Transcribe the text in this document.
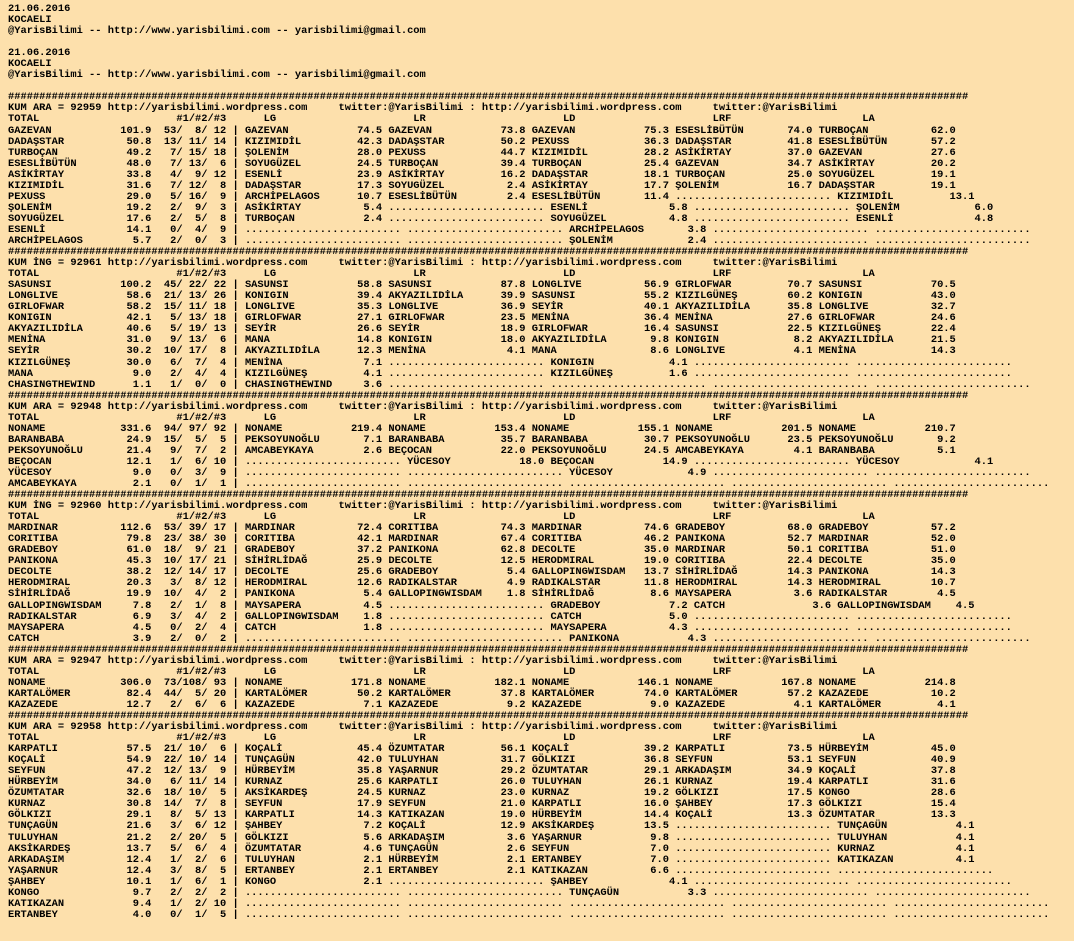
21.06.2016
KOCAELI
@YarisBilimi -- http://www.yarisbilimi.com -- yarisbilimi@gmail.com

21.06.2016
KOCAELI
@YarisBilimi -- http://www.yarisbilimi.com -- yarisbilimi@gmail.com

##########################################################################################################################################################
KUM ARA = 92959 http://yarisbilimi.wordpress.com     twitter:@YarisBilimi : http://yarisbilimi.wordpress.com     twitter:@YarisBilimi
TOTAL                      #1/#2/#3      LG                      LR                      LD                      LRF                     LA
GAZEVAN           101.9  53/  8/ 12 | GAZEVAN           74.5 GAZEVAN           73.8 GAZEVAN           75.3 ESESLİBÜTÜN       74.0 TURBOÇAN          62.0
DADAŞSTAR          50.8  13/ 11/ 14 | KIZIMIDİL         42.3 DADAŞSTAR         50.2 PEXUSS            36.3 DADAŞSTAR         41.8 ESESLİBÜTÜN       57.2
TURBOÇAN           49.2   7/ 15/ 18 | ŞOLENİM           28.0 PEXUSS            44.7 KIZIMIDİL         28.2 ASİKİRTAY         37.0 GAZEVAN           27.6
ESESLİBÜTÜN        48.0   7/ 13/  6 | SOYUGÜZEL         24.5 TURBOÇAN          39.4 TURBOÇAN          25.4 GAZEVAN           34.7 ASİKİRTAY         20.2
ASİKİRTAY          33.8   4/  9/ 12 | ESENLİ            23.9 ASİKİRTAY         16.2 DADAŞSTAR         18.1 TURBOÇAN          25.0 SOYUGÜZEL         19.1
KIZIMIDİL          31.6   7/ 12/  8 | DADAŞSTAR         17.3 SOYUGÜZEL          2.4 ASİKİRTAY         17.7 ŞOLENİM           16.7 DADAŞSTAR         19.1
PEXUSS             29.0   5/ 16/  9 | ARCHİPELAGOS      10.7 ESESLİBÜTÜN        2.4 ESESLİBÜTÜN       11.4 ......................... KIZIMIDİL         13.1
ŞOLENİM            19.2   2/  9/  3 | ASİKİRTAY          5.4 ......................... ESENLİ             5.8 ......................... ŞOLENİM            6.0
SOYUGÜZEL          17.6   2/  5/  8 | TURBOÇAN           2.4 ......................... SOYUGÜZEL          4.8 ......................... ESENLİ             4.8
ESENLİ             14.1   0/  4/  9 | ......................... ......................... ARCHİPELAGOS       3.8 ......................... .........................
ARCHİPELAGOS        5.7   2/  0/  3 | ......................... ......................... ŞOLENİM            2.4 ......................... .........................
##########################################################################################################################################################
KUM İNG = 92961 http://yarisbilimi.wordpress.com     twitter:@YarisBilimi : http://yarisbilimi.wordpress.com     twitter:@YarisBilimi
TOTAL                      #1/#2/#3      LG                      LR                      LD                      LRF                     LA
SASUNSI           100.2  45/ 22/ 22 | SASUNSI           58.8 SASUNSI           87.8 LONGLIVE          56.9 GIRLOFWAR         70.7 SASUNSI           70.5
LONGLIVE           58.6  21/ 13/ 26 | KONIGIN           39.4 AKYAZILIDİLA      39.9 SASUNSI           55.2 KIZILGÜNEŞ        60.2 KONIGIN           43.0
GIRLOFWAR          58.2  15/ 11/ 18 | LONGLIVE          35.3 LONGLIVE          36.9 SEYİR             40.1 AKYAZILIDİLA      35.8 LONGLIVE          32.7
KONIGIN            42.1   5/ 13/ 18 | GIRLOFWAR         27.1 GIRLOFWAR         23.5 MENİNA            36.4 MENİNA            27.6 GIRLOFWAR         24.6
AKYAZILIDİLA       40.6   5/ 19/ 13 | SEYİR             26.6 SEYİR             18.9 GIRLOFWAR         16.4 SASUNSI           22.5 KIZILGÜNEŞ        22.4
MENİNA             31.0   9/ 13/  6 | MANA              14.8 KONIGIN           18.0 AKYAZILIDİLA       9.8 KONIGIN            8.2 AKYAZILIDİLA      21.5
SEYİR              30.2  10/ 17/  8 | AKYAZILIDİLA      12.3 MENİNA             4.1 MANA               8.6 LONGLIVE           4.1 MENİNA            14.3
KIZILGÜNEŞ         30.0   6/  7/  4 | MENİNA             7.1 ......................... KONIGIN            4.1 ......................... .........................
MANA                9.0   2/  4/  4 | KIZILGÜNEŞ         4.1 ......................... KIZILGÜNEŞ         1.6 ......................... .........................
CHASINGTHEWIND      1.1   1/  0/  0 | CHASINGTHEWIND     3.6 ......................... ......................... ......................... .........................
##########################################################################################################################################################
KUM ARA = 92948 http://yarisbilimi.wordpress.com     twitter:@YarisBilimi : http://yarisbilimi.wordpress.com     twitter:@YarisBilimi
TOTAL                      #1/#2/#3      LG                      LR                      LD                      LRF                     LA
NONAME            331.6  94/ 97/ 92 | NONAME           219.4 NONAME           153.4 NONAME           155.1 NONAME           201.5 NONAME           210.7
BARANBABA          24.9  15/  5/  5 | PEKSOYUNOĞLU       7.1 BARANBABA         35.7 BARANBABA         30.7 PEKSOYUNOĞLU      23.5 PEKSOYUNOĞLU       9.2
PEKSOYUNOĞLU       21.4   9/  7/  2 | AMCABEYKAYA        2.6 BEÇOCAN           22.0 PEKSOYUNOĞLU      24.5 AMCABEYKAYA        4.1 BARANBABA          5.1
BEÇOCAN            12.1   1/  6/ 10 | ......................... YÜCESOY           18.0 BEÇOCAN           14.9 ......................... YÜCESOY            4.1
YÜCESOY             9.0   0/  3/  9 | ......................... ......................... YÜCESOY            4.9 ......................... .........................
AMCABEYKAYA         2.1   0/  1/  1 | ......................... ......................... ......................... ......................... .........................
##########################################################################################################################################################
KUM İNG = 92960 http://yarisbilimi.wordpress.com     twitter:@YarisBilimi : http://yarisbilimi.wordpress.com     twitter:@YarisBilimi
TOTAL                      #1/#2/#3      LG                      LR                      LD                      LRF                     LA
MARDINAR          112.6  53/ 39/ 17 | MARDINAR          72.4 CORITIBA          74.3 MARDINAR          74.6 GRADEBOY          68.0 GRADEBOY          57.2
CORITIBA           79.8  23/ 38/ 30 | CORITIBA          42.1 MARDINAR          67.4 CORITIBA          46.2 PANIKONA          52.7 MARDINAR          52.0
GRADEBOY           61.0  18/  9/ 21 | GRADEBOY          37.2 PANIKONA          62.8 DECOLTE           35.0 MARDINAR          50.1 CORITIBA          51.0
PANIKONA           45.3  10/ 17/ 21 | SİHİRLİDAĞ        25.9 DECOLTE           12.5 HERODMIRAL        19.0 CORITIBA          22.4 DECOLTE           35.0
DECOLTE            38.2  12/ 14/ 17 | DECOLTE           25.6 GRADEBOY           5.4 GALLOPINGWISDAM   13.7 SİHİRLİDAĞ        14.3 PANIKONA          14.3
HERODMIRAL         20.3   3/  8/ 12 | HERODMIRAL        12.6 RADIKALSTAR        4.9 RADIKALSTAR       11.8 HERODMIRAL        14.3 HERODMIRAL        10.7
SİHİRLİDAĞ         19.9  10/  4/  2 | PANIKONA           5.4 GALLOPINGWISDAM    1.8 SİHİRLİDAĞ         8.6 MAYSAPERA          3.6 RADIKALSTAR        4.5
GALLOPINGWISDAM     7.8   2/  1/  8 | MAYSAPERA          4.5 ......................... GRADEBOY           7.2 CATCH              3.6 GALLOPINGWISDAM    4.5
RADIKALSTAR         6.9   3/  4/  2 | GALLOPINGWISDAM    1.8 ......................... CATCH              5.0 ......................... .........................
MAYSAPERA           4.5   0/  2/  4 | CATCH              1.8 ......................... MAYSAPERA          4.3 ......................... .........................
CATCH               3.9   2/  0/  2 | ......................... ......................... PANIKONA           4.3 ......................... .........................
##########################################################################################################################################################
KUM ARA = 92947 http://yarisbilimi.wordpress.com     twitter:@YarisBilimi : http://yarisbilimi.wordpress.com     twitter:@YarisBilimi
TOTAL                      #1/#2/#3      LG                      LR                      LD                      LRF                     LA
NONAME            306.0  73/108/ 93 | NONAME           171.8 NONAME           182.1 NONAME           146.1 NONAME           167.8 NONAME           214.8
KARTALÖMER         82.4  44/  5/ 20 | KARTALÖMER        50.2 KARTALÖMER        37.8 KARTALÖMER        74.0 KARTALÖMER        57.2 KAZAZEDE          10.2
KAZAZEDE           12.7   2/  6/  6 | KAZAZEDE           7.1 KAZAZEDE           9.2 KAZAZEDE           9.0 KAZAZEDE           4.1 KARTALÖMER         4.1
##########################################################################################################################################################
KUM ARA = 92958 http://yarisbilimi.wordpress.com     twitter:@YarisBilimi : http://yarisbilimi.wordpress.com     twitter:@YarisBilimi
TOTAL                      #1/#2/#3      LG                      LR                      LD                      LRF                     LA
KARPATLI           57.5  21/ 10/  6 | KOÇALİ            45.4 ÖZUMTATAR         56.1 KOÇALİ            39.2 KARPATLI          73.5 HÜRBEYİM          45.0
KOÇALİ             54.9  22/ 10/ 14 | TUNÇAGÜN          42.0 TULUYHAN          31.7 GÖLKIZI           36.8 SEYFUN            53.1 SEYFUN            40.9
SEYFUN             47.2  12/ 13/  9 | HÜRBEYİM          35.8 YAŞARNUR          29.2 ÖZUMTATAR         29.1 ARKADAŞIM         34.9 KOÇALİ            37.8
HÜRBEYİM           34.0   6/ 11/ 14 | KURNAZ            25.6 KARPATLI          26.0 TULUYHAN          26.1 KURNAZ            19.4 KARPATLI          31.6
ÖZUMTATAR          32.6  18/ 10/  5 | AKSİKARDEŞ        24.5 KURNAZ            23.0 KURNAZ            19.2 GÖLKIZI           17.5 KONGO             28.6
KURNAZ             30.8  14/  7/  8 | SEYFUN            17.9 SEYFUN            21.0 KARPATLI          16.0 ŞAHBEY            17.3 GÖLKIZI           15.4
GÖLKIZI            29.1   8/  5/ 13 | KARPATLI          14.3 KATIKAZAN         19.0 HÜRBEYİM          14.4 KOÇALİ            13.3 ÖZUMTATAR         13.3
TUNÇAGÜN           21.6   3/  6/ 12 | ŞAHBEY             7.2 KOÇALİ            12.9 AKSİKARDEŞ        13.5 ......................... TUNÇAGÜN           4.1
TULUYHAN           21.2   2/ 20/  5 | GÖLKIZI            5.6 ARKADAŞIM          3.6 YAŞARNUR           9.8 ......................... TULUYHAN           4.1
AKSİKARDEŞ         13.7   5/  6/  4 | ÖZUMTATAR          4.6 TUNÇAGÜN           2.6 SEYFUN             7.0 ......................... KURNAZ             4.1
ARKADAŞIM          12.4   1/  2/  6 | TULUYHAN           2.1 HÜRBEYİM           2.1 ERTANBEY           7.0 ......................... KATIKAZAN          4.1
YAŞARNUR           12.4   3/  8/  5 | ERTANBEY           2.1 ERTANBEY           2.1 KATIKAZAN          6.6 ......................... .........................
ŞAHBEY             10.1   1/  6/  1 | KONGO              2.1 ......................... ŞAHBEY             4.1 ......................... .........................
KONGO               9.7   2/  2/  2 | ......................... ......................... TUNÇAGÜN           3.3 ......................... .........................
KATIKAZAN           9.4   1/  2/ 10 | ......................... ......................... ......................... ......................... .........................
ERTANBEY            4.0   0/  1/  5 | ......................... ......................... ......................... ......................... .........................
